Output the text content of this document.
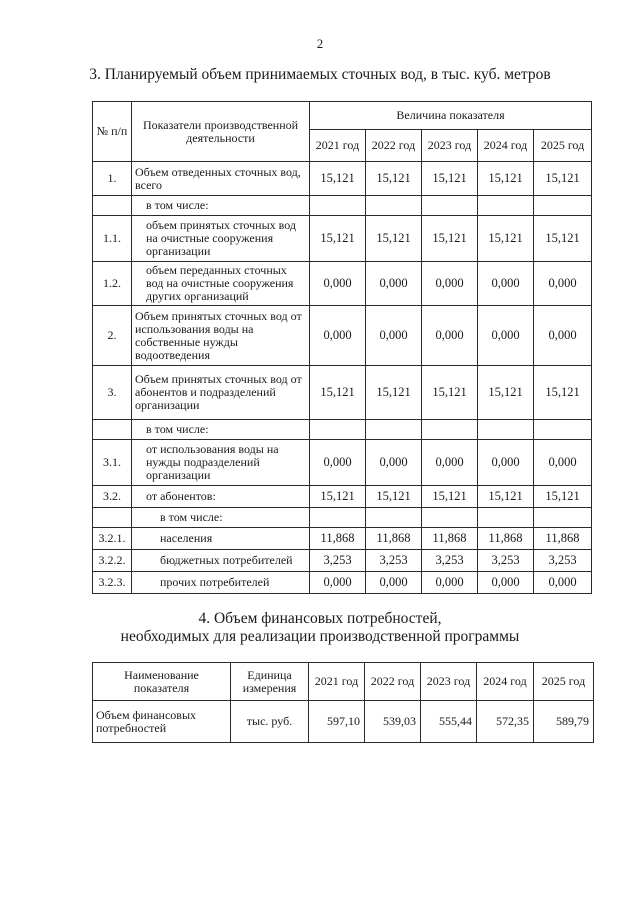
2
3. Планируемый объем принимаемых сточных вод, в тыс. куб. метров
№ п/п	Показатели производственной деятельности	Величина показателя				
		2021 год	2022 год	2023 год	2024 год	2025 год
1.	Объем отведенных сточных вод, всего	15,121	15,121	15,121	15,121	15,121
	в том числе:					
1.1.	объем принятых сточных вод на очистные сооружения организации	15,121	15,121	15,121	15,121	15,121
1.2.	объем переданных сточных вод на очистные сооружения других организаций	0,000	0,000	0,000	0,000	0,000
2.	Объем принятых сточных вод от использования воды на собственные нужды водоотведения	0,000	0,000	0,000	0,000	0,000
3.	Объем принятых сточных вод от абонентов и подразделений организации	15,121	15,121	15,121	15,121	15,121
	в том числе:					
3.1.	от использования воды на нужды подразделений организации	0,000	0,000	0,000	0,000	0,000
3.2.	от абонентов:	15,121	15,121	15,121	15,121	15,121
	в том числе:					
3.2.1.	населения	11,868	11,868	11,868	11,868	11,868
3.2.2.	бюджетных потребителей	3,253	3,253	3,253	3,253	3,253
3.2.3.	прочих потребителей	0,000	0,000	0,000	0,000	0,000
4. Объем финансовых потребностей,
необходимых для реализации производственной программы
Наименование показателя	Единица измерения	2021 год	2022 год	2023 год	2024 год	2025 год
Объем финансовых потребностей	тыс. руб.	597,10	539,03	555,44	572,35	589,79
